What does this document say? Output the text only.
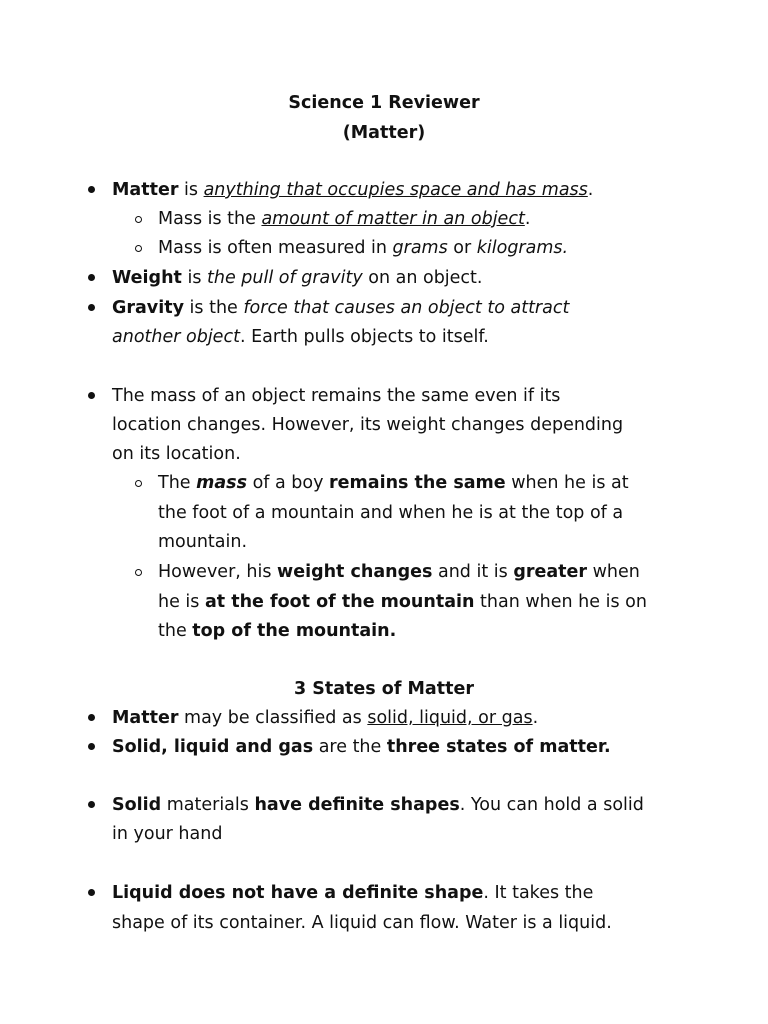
Science 1 Reviewer
(Matter)
Matter is anything that occupies space and has mass.
Mass is the amount of matter in an object.
Mass is often measured in grams or kilograms.
Weight is the pull of gravity on an object.
Gravity is the force that causes an object to attract
another object. Earth pulls objects to itself.
The mass of an object remains the same even if its
location changes. However, its weight changes depending
on its location.
The mass of a boy remains the same when he is at
the foot of a mountain and when he is at the top of a
mountain.
However, his weight changes and it is greater when
he is at the foot of the mountain than when he is on
the top of the mountain.
3 States of Matter
Matter may be classified as solid, liquid, or gas.
Solid, liquid and gas are the three states of matter.
Solid materials have definite shapes. You can hold a solid
in your hand
Liquid does not have a definite shape. It takes the
shape of its container. A liquid can flow. Water is a liquid.
